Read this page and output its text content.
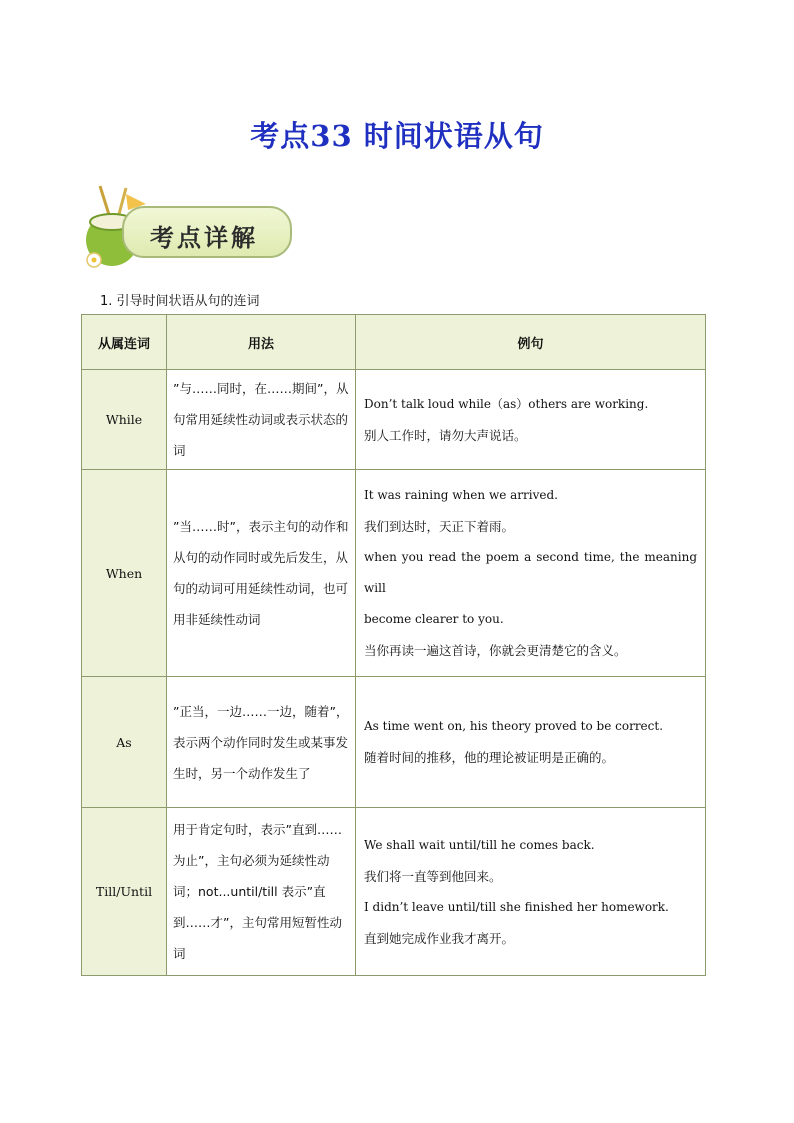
考点33 时间状语从句
考点详解
1. 引导时间状语从句的连词
从属连词	用法	例句
While	”与……同时，在……期间”，从句常用延续性动词或表示状态的词	Don’t talk loud while（as）others are working.
别人工作时，请勿大声说话。

When	”当……时”，表示主句的动作和从句的动作同时或先后发生，从句的动词可用延续性动词，也可用非延续性动词	It was raining when we arrived.
我们到达时，天正下着雨。
when you read the poem a second time, the meaning will
become clearer to you.
当你再读一遍这首诗，你就会更清楚它的含义。

As	”正当，一边……一边，随着”，表示两个动作同时发生或某事发生时，另一个动作发生了	As time went on, his theory proved to be correct.
随着时间的推移，他的理论被证明是正确的。

Till/Until	用于肯定句时，表示”直到……为止”，主句必须为延续性动词；not...until/till 表示”直到……才”，主句常用短暂性动词	We shall wait until/till he comes back.
我们将一直等到他回来。
I didn’t leave until/till she finished her homework.
直到她完成作业我才离开。
